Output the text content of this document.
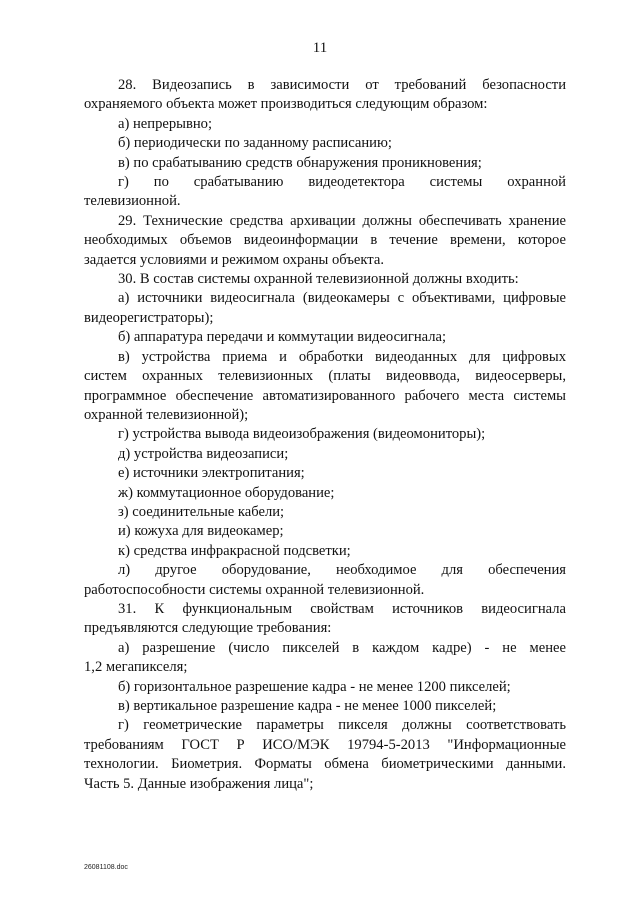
11

28. Видеозапись в зависимости от требований безопасности

охраняемого объекта может производиться следующим образом:

а) непрерывно;

б) периодически по заданному расписанию;

в) по срабатыванию средств обнаружения проникновения;

г) по срабатыванию видеодетектора системы охранной

телевизионной.

29. Технические средства архивации должны обеспечивать хранение

необходимых объемов видеоинформации в течение времени, которое

задается условиями и режимом охраны объекта.

30. В состав системы охранной телевизионной должны входить:

а) источники видеосигнала (видеокамеры с объективами, цифровые

видеорегистраторы);

б) аппаратура передачи и коммутации видеосигнала;

в) устройства приема и обработки видеоданных для цифровых

систем охранных телевизионных (платы видеоввода, видеосерверы,

программное обеспечение автоматизированного рабочего места системы

охранной телевизионной);

г) устройства вывода видеоизображения (видеомониторы);

д) устройства видеозаписи;

е) источники электропитания;

ж) коммутационное оборудование;

з) соединительные кабели;

и) кожуха для видеокамер;

к) средства инфракрасной подсветки;

л) другое оборудование, необходимое для обеспечения

работоспособности системы охранной телевизионной.

31. К функциональным свойствам источников видеосигнала

предъявляются следующие требования:

а) разрешение (число пикселей в каждом кадре) - не менее

1,2 мегапикселя;

б) горизонтальное разрешение кадра - не менее 1200 пикселей;

в) вертикальное разрешение кадра - не менее 1000 пикселей;

г) геометрические параметры пикселя должны соответствовать

требованиям ГОСТ Р ИСО/МЭК 19794-5-2013 "Информационные

технологии. Биометрия. Форматы обмена биометрическими данными.

Часть 5. Данные изображения лица";

26081108.doc
